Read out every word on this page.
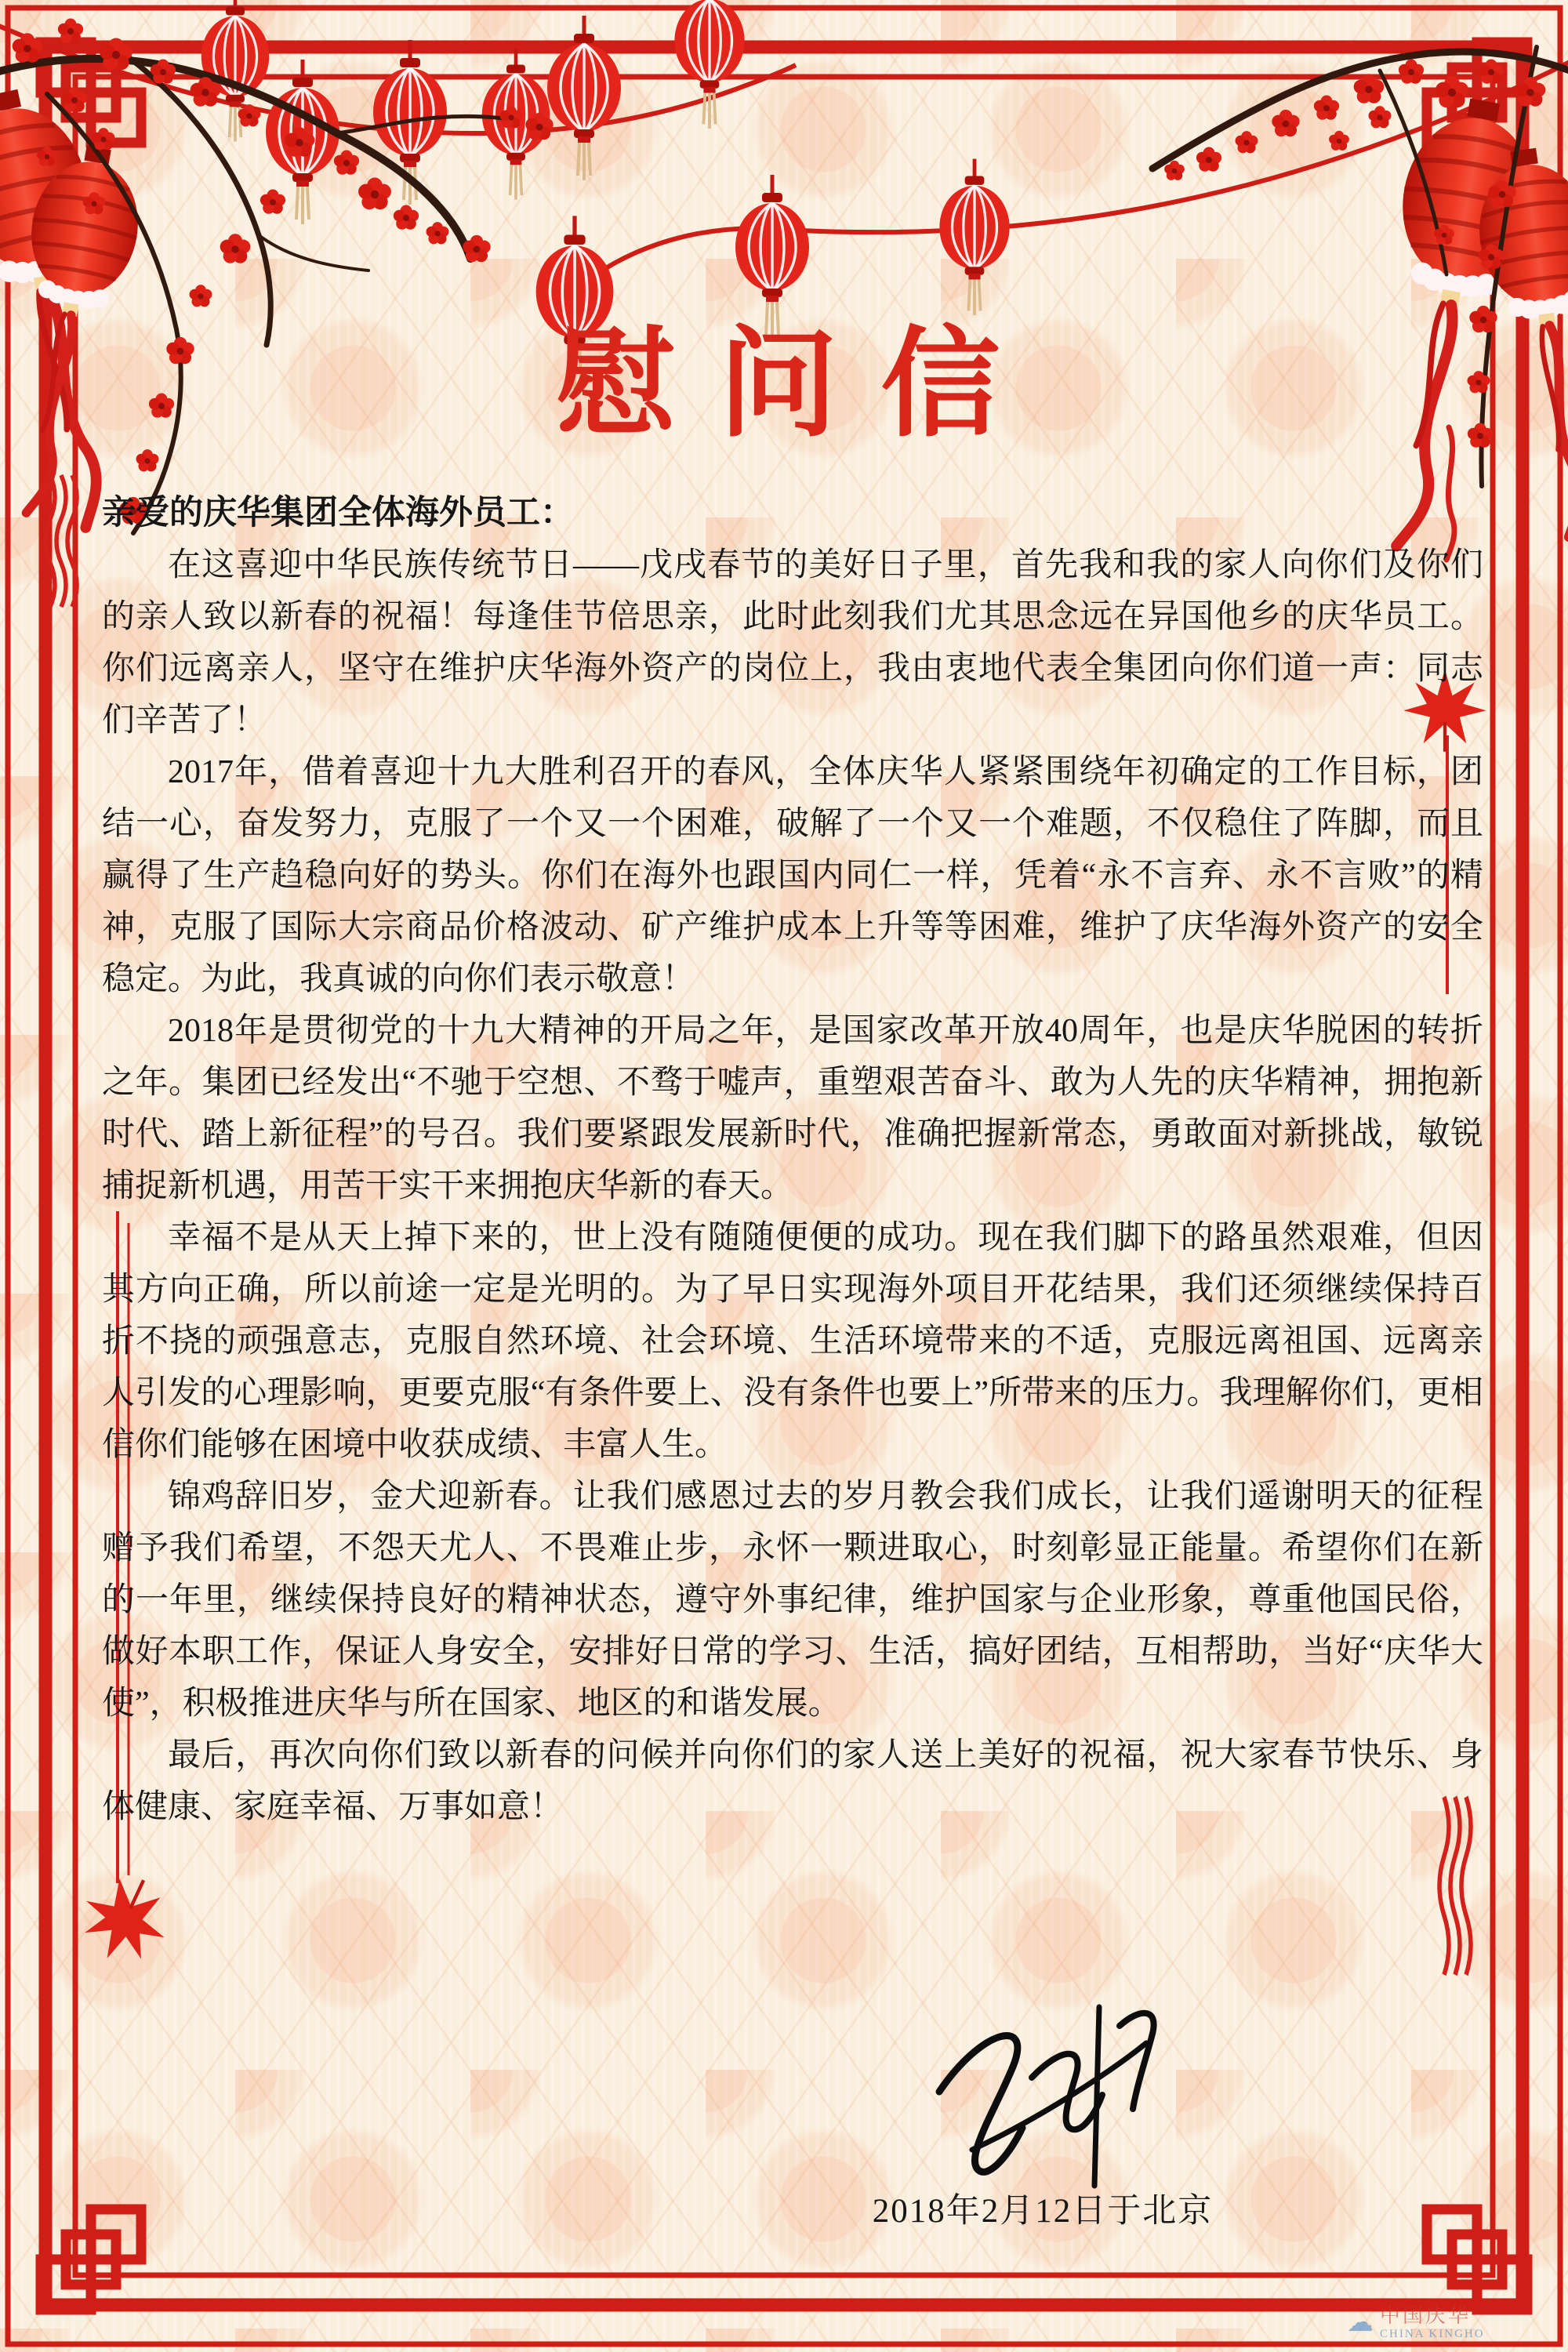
慰问信

亲爱的庆华集团全体海外员工：

在这喜迎中华民族传统节日——戊戌春节的美好日子里，首先我和我的家人向你们及你们的亲人致以新春的祝福！每逢佳节倍思亲，此时此刻我们尤其思念远在异国他乡的庆华员工。你们远离亲人，坚守在维护庆华海外资产的岗位上，我由衷地代表全集团向你们道一声：同志们辛苦了！

2017年，借着喜迎十九大胜利召开的春风，全体庆华人紧紧围绕年初确定的工作目标，团结一心，奋发努力，克服了一个又一个困难，破解了一个又一个难题，不仅稳住了阵脚，而且赢得了生产趋稳向好的势头。你们在海外也跟国内同仁一样，凭着“永不言弃、永不言败”的精神，克服了国际大宗商品价格波动、矿产维护成本上升等等困难，维护了庆华海外资产的安全稳定。为此，我真诚的向你们表示敬意！

2018年是贯彻党的十九大精神的开局之年，是国家改革开放40周年，也是庆华脱困的转折之年。集团已经发出“不驰于空想、不骛于嘘声，重塑艰苦奋斗、敢为人先的庆华精神，拥抱新时代、踏上新征程”的号召。我们要紧跟发展新时代，准确把握新常态，勇敢面对新挑战，敏锐捕捉新机遇，用苦干实干来拥抱庆华新的春天。

幸福不是从天上掉下来的，世上没有随随便便的成功。现在我们脚下的路虽然艰难，但因其方向正确，所以前途一定是光明的。为了早日实现海外项目开花结果，我们还须继续保持百折不挠的顽强意志，克服自然环境、社会环境、生活环境带来的不适，克服远离祖国、远离亲人引发的心理影响，更要克服“有条件要上、没有条件也要上”所带来的压力。我理解你们，更相信你们能够在困境中收获成绩、丰富人生。

锦鸡辞旧岁，金犬迎新春。让我们感恩过去的岁月教会我们成长，让我们遥谢明天的征程赠予我们希望，不怨天尤人、不畏难止步，永怀一颗进取心，时刻彰显正能量。希望你们在新的一年里，继续保持良好的精神状态，遵守外事纪律，维护国家与企业形象，尊重他国民俗，做好本职工作，保证人身安全，安排好日常的学习、生活，搞好团结，互相帮助，当好“庆华大使”，积极推进庆华与所在国家、地区的和谐发展。

最后，再次向你们致以新春的问候并向你们的家人送上美好的祝福，祝大家春节快乐、身体健康、家庭幸福、万事如意！

2018年2月12日于北京
☁ 中国庆华
CHINA KINGHO
